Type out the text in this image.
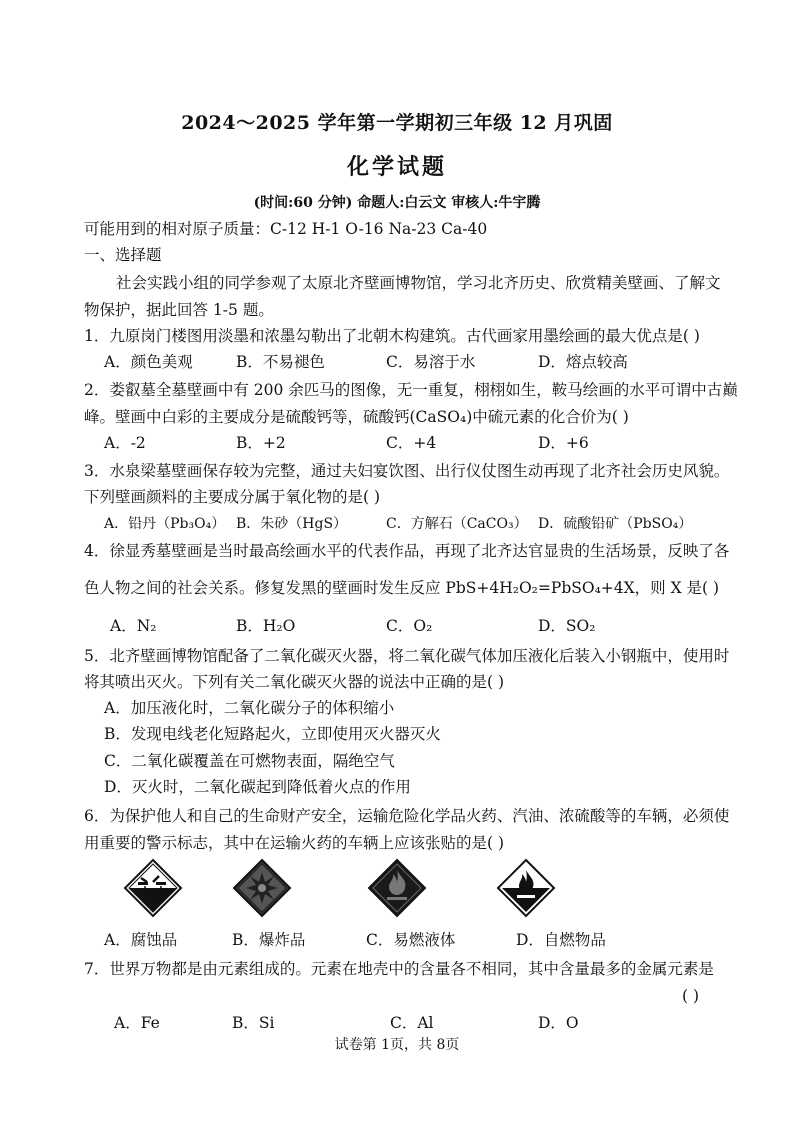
2024～2025 学年第一学期初三年级 12 月巩固
化学试题
(时间:60 分钟) 命题人:白云文 审核人:牛宇腾
可能用到的相对原子质量：C-12 H-1 O-16 Na-23 Ca-40
一、选择题
社会实践小组的同学参观了太原北齐壁画博物馆，学习北齐历史、欣赏精美壁画、了解文
物保护，据此回答 1-5 题。
1．九原岗门楼图用淡墨和浓墨勾勒出了北朝木构建筑。古代画家用墨绘画的最大优点是( )
A．颜色美观	B．不易褪色	C．易溶于水	D．熔点较高
2．娄叡墓全墓壁画中有 200 余匹马的图像，无一重复，栩栩如生，鞍马绘画的水平可谓中古巅
峰。壁画中白彩的主要成分是硫酸钙等，硫酸钙(CaSO₄)中硫元素的化合价为( )
A．-2	B．+2	C．+4	D．+6
3．水泉梁墓壁画保存较为完整，通过夫妇宴饮图、出行仪仗图生动再现了北齐社会历史风貌。
下列壁画颜料的主要成分属于氧化物的是( )
A．铅丹（Pb₃O₄） B．朱砂（HgS）	C．方解石（CaCO₃） D．硫酸铅矿（PbSO₄）
4．徐显秀墓壁画是当时最高绘画水平的代表作品，再现了北齐达官显贵的生活场景，反映了各
色人物之间的社会关系。修复发黑的壁画时发生反应 PbS+4H₂O₂=PbSO₄+4X，则 X 是( )
A．N₂	B．H₂O	C．O₂	D．SO₂
5．北齐壁画博物馆配备了二氧化碳灭火器，将二氧化碳气体加压液化后装入小钢瓶中，使用时
将其喷出灭火。下列有关二氧化碳灭火器的说法中正确的是( )
A．加压液化时，二氧化碳分子的体积缩小
B．发现电线老化短路起火，立即使用灭火器灭火
C．二氧化碳覆盖在可燃物表面，隔绝空气
D．灭火时，二氧化碳起到降低着火点的作用
6．为保护他人和自己的生命财产安全，运输危险化学品火药、汽油、浓硫酸等的车辆，必须使
用重要的警示标志，其中在运输火药的车辆上应该张贴的是( )
A．腐蚀品	B．爆炸品	C．易燃液体	D．自燃物品
7．世界万物都是由元素组成的。元素在地壳中的含量各不相同，其中含量最多的金属元素是
( )
A．Fe	B．Si	C．Al	D．O
试卷第 1页，共 8页
